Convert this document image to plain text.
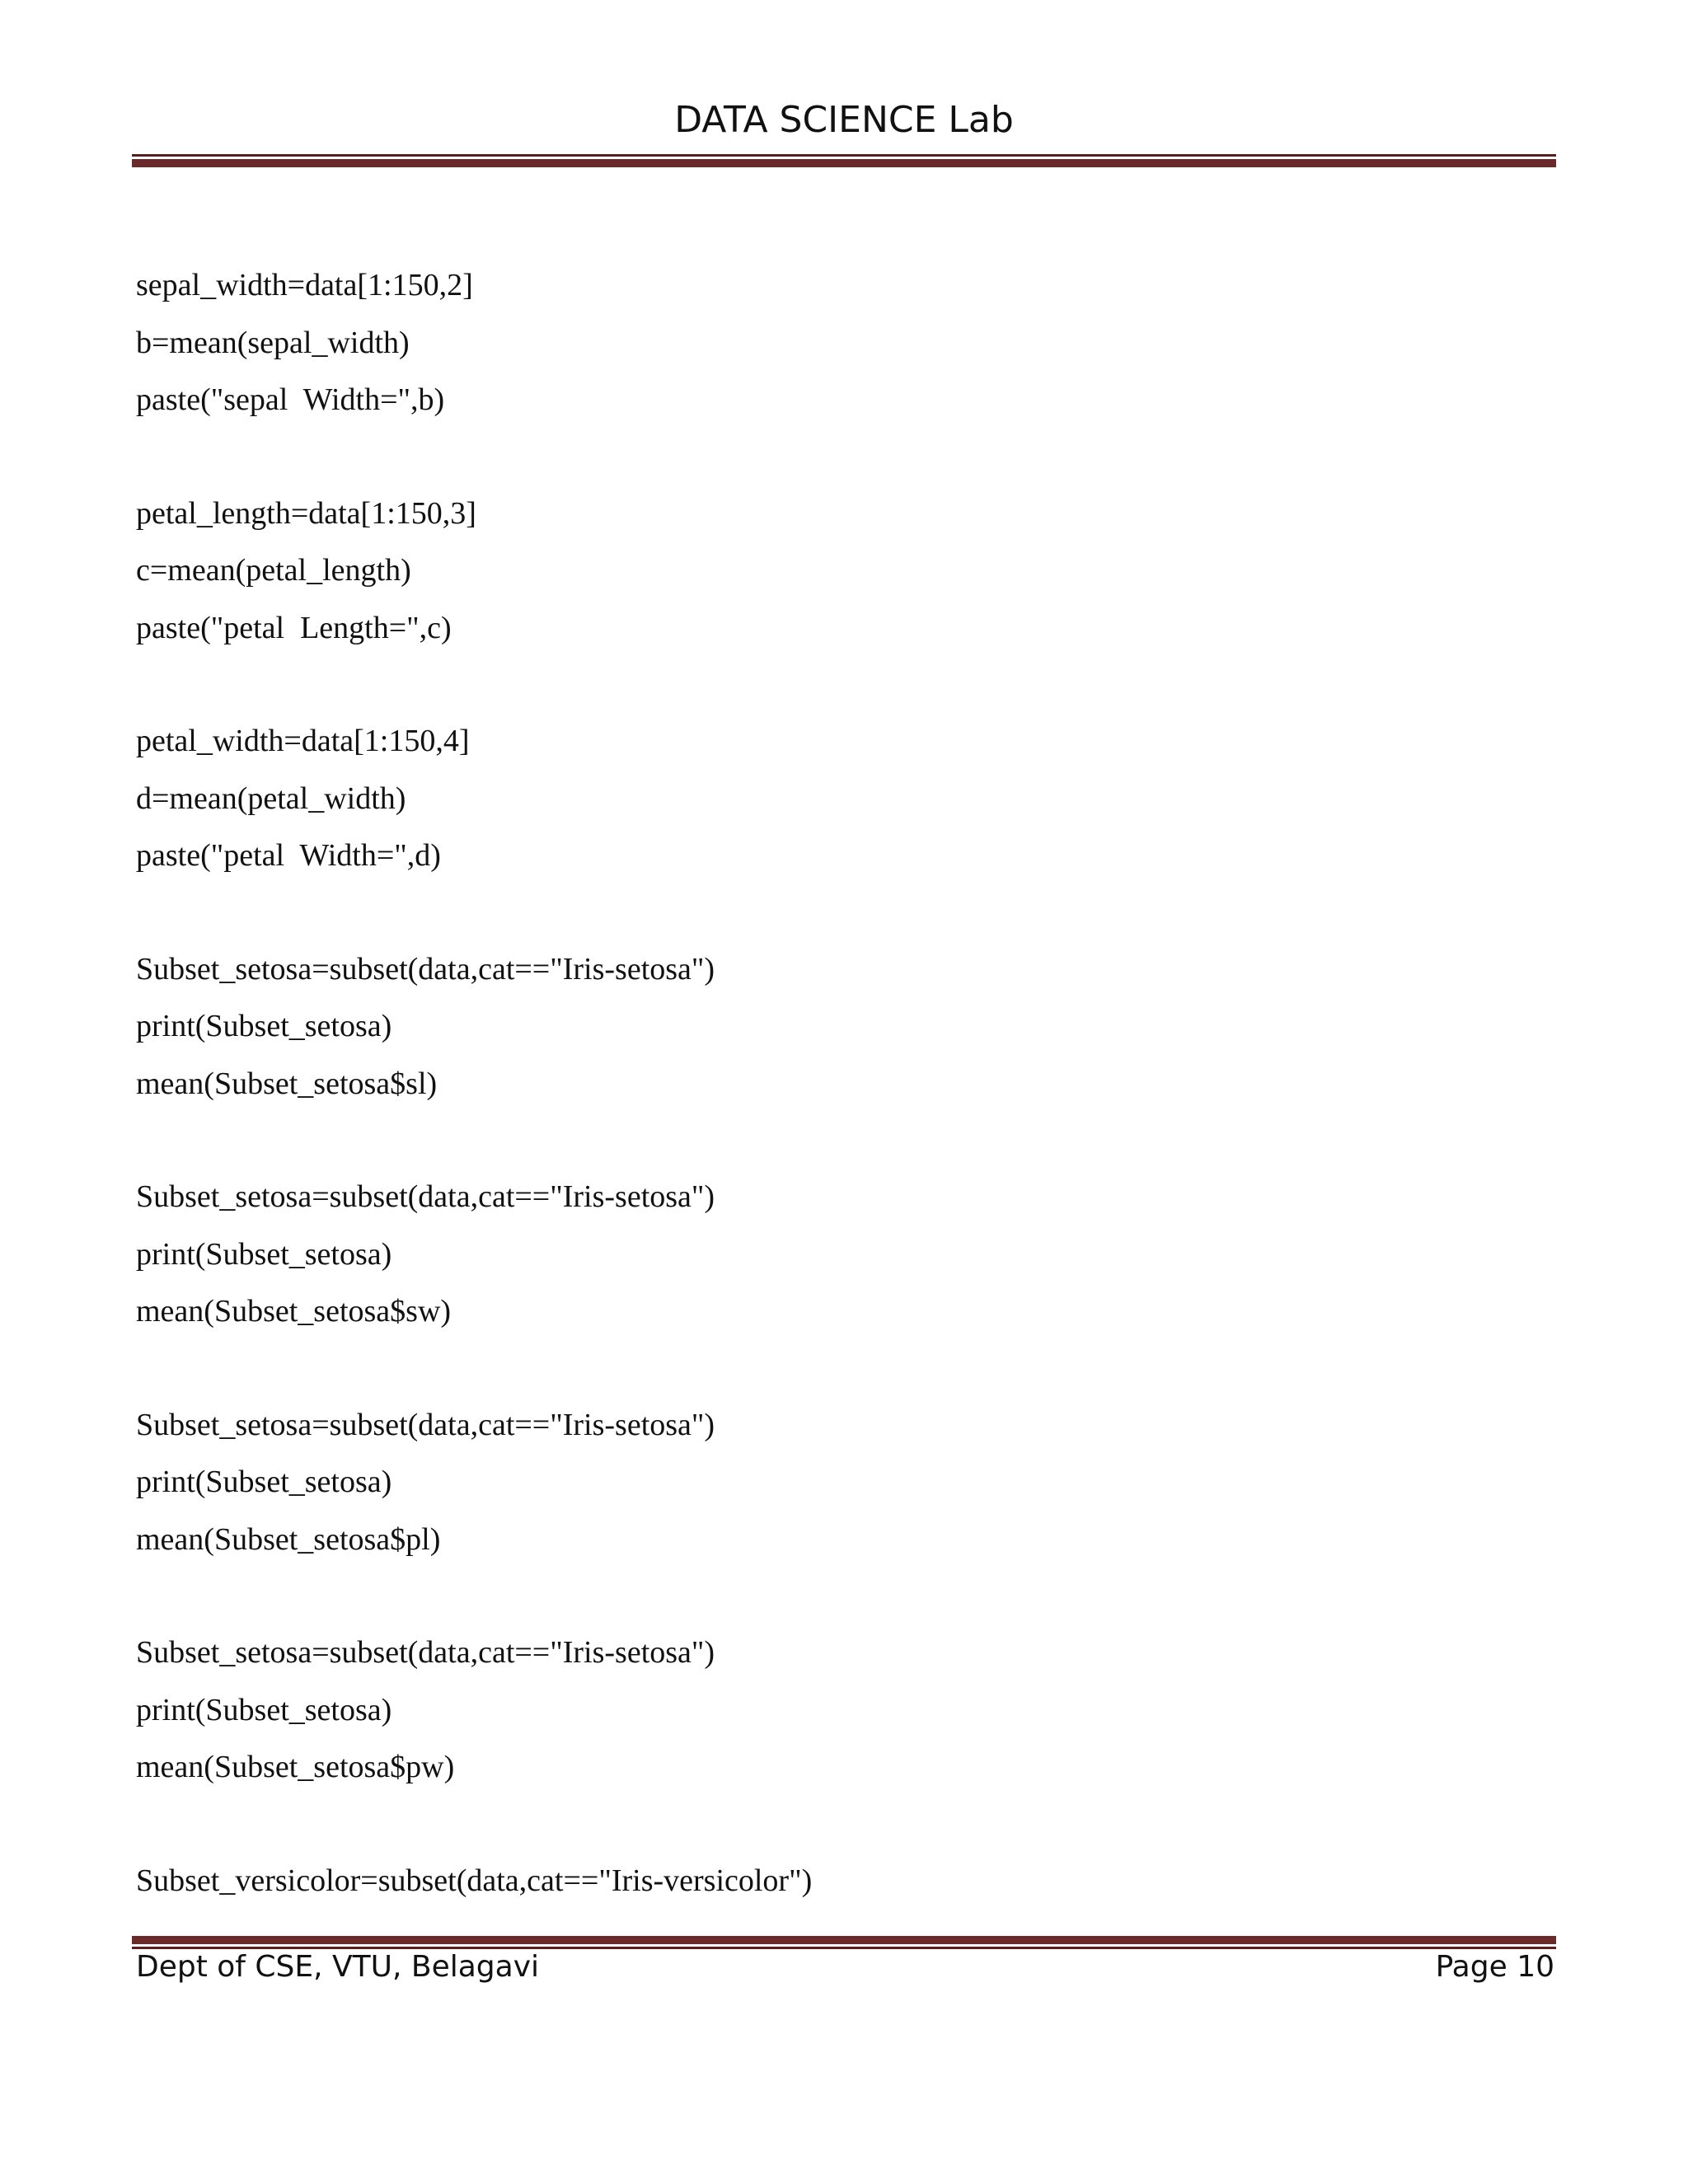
DATA SCIENCE Lab
sepal_width=data[1:150,2]
b=mean(sepal_width)
paste("sepal  Width=",b)
petal_length=data[1:150,3]
c=mean(petal_length)
paste("petal  Length=",c)
petal_width=data[1:150,4]
d=mean(petal_width)
paste("petal  Width=",d)
Subset_setosa=subset(data,cat=="Iris-setosa")
print(Subset_setosa)
mean(Subset_setosa$sl)
Subset_setosa=subset(data,cat=="Iris-setosa")
print(Subset_setosa)
mean(Subset_setosa$sw)
Subset_setosa=subset(data,cat=="Iris-setosa")
print(Subset_setosa)
mean(Subset_setosa$pl)
Subset_setosa=subset(data,cat=="Iris-setosa")
print(Subset_setosa)
mean(Subset_setosa$pw)
Subset_versicolor=subset(data,cat=="Iris-versicolor")
Dept of CSE, VTU, Belagavi	Page 10
